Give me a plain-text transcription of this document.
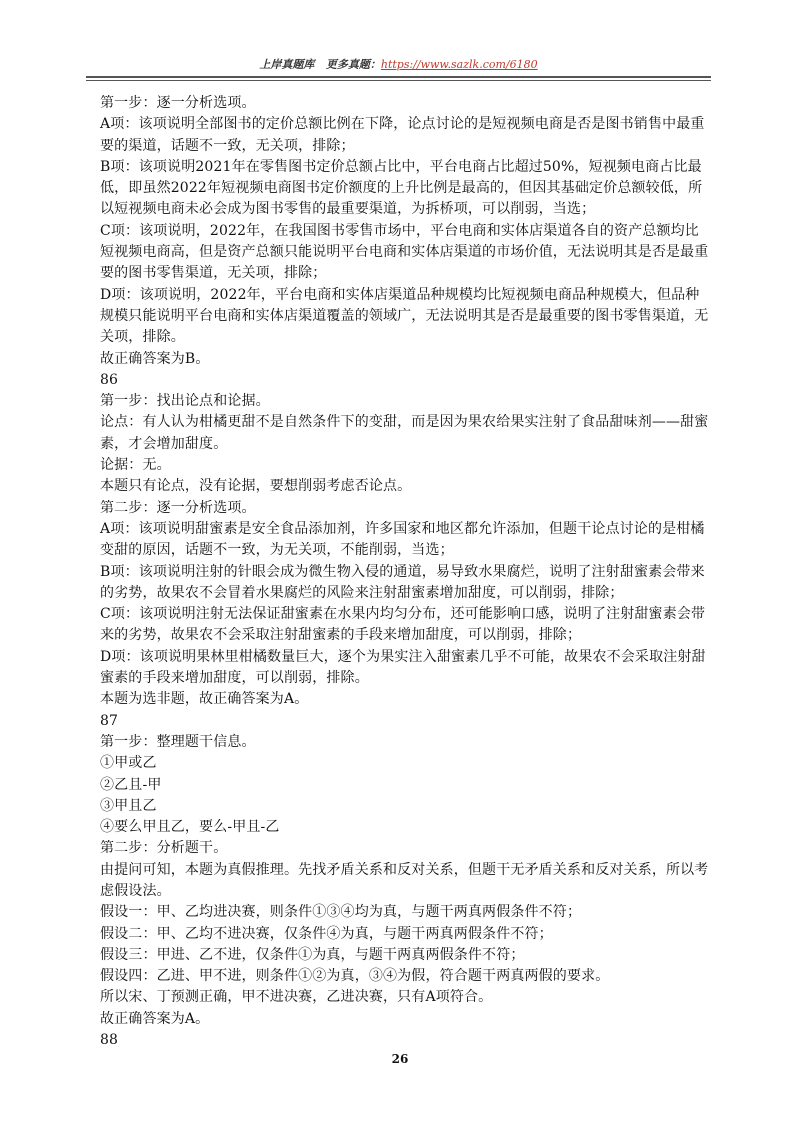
上岸真题库 更多真题：https://www.sazlk.com/6180

第一步：逐一分析选项。

A项：该项说明全部图书的定价总额比例在下降，论点讨论的是短视频电商是否是图书销售中最重要的渠道，话题不一致，无关项，排除；

B项：该项说明2021年在零售图书定价总额占比中，平台电商占比超过50%，短视频电商占比最低，即虽然2022年短视频电商图书定价额度的上升比例是最高的，但因其基础定价总额较低，所以短视频电商未必会成为图书零售的最重要渠道，为拆桥项，可以削弱，当选；

C项：该项说明，2022年，在我国图书零售市场中，平台电商和实体店渠道各自的资产总额均比短视频电商高，但是资产总额只能说明平台电商和实体店渠道的市场价值，无法说明其是否是最重要的图书零售渠道，无关项，排除；

D项：该项说明，2022年，平台电商和实体店渠道品种规模均比短视频电商品种规模大，但品种规模只能说明平台电商和实体店渠道覆盖的领域广，无法说明其是否是最重要的图书零售渠道，无关项，排除。

故正确答案为B。

86

第一步：找出论点和论据。

论点：有人认为柑橘更甜不是自然条件下的变甜，而是因为果农给果实注射了食品甜味剂——甜蜜素，才会增加甜度。

论据：无。

本题只有论点，没有论据，要想削弱考虑否论点。

第二步：逐一分析选项。

A项：该项说明甜蜜素是安全食品添加剂，许多国家和地区都允许添加，但题干论点讨论的是柑橘变甜的原因，话题不一致，为无关项，不能削弱，当选；

B项：该项说明注射的针眼会成为微生物入侵的通道，易导致水果腐烂，说明了注射甜蜜素会带来的劣势，故果农不会冒着水果腐烂的风险来注射甜蜜素增加甜度，可以削弱，排除；

C项：该项说明注射无法保证甜蜜素在水果内均匀分布，还可能影响口感，说明了注射甜蜜素会带来的劣势，故果农不会采取注射甜蜜素的手段来增加甜度，可以削弱，排除；

D项：该项说明果林里柑橘数量巨大，逐个为果实注入甜蜜素几乎不可能，故果农不会采取注射甜蜜素的手段来增加甜度，可以削弱，排除。

本题为选非题，故正确答案为A。

87

第一步：整理题干信息。

①甲或乙

②乙且-甲

③甲且乙

④要么甲且乙，要么-甲且-乙

第二步：分析题干。

由提问可知，本题为真假推理。先找矛盾关系和反对关系，但题干无矛盾关系和反对关系，所以考虑假设法。

假设一：甲、乙均进决赛，则条件①③④均为真，与题干两真两假条件不符；

假设二：甲、乙均不进决赛，仅条件④为真，与题干两真两假条件不符；

假设三：甲进、乙不进，仅条件①为真，与题干两真两假条件不符；

假设四：乙进、甲不进，则条件①②为真，③④为假，符合题干两真两假的要求。

所以宋、丁预测正确，甲不进决赛，乙进决赛，只有A项符合。

故正确答案为A。

88

26
